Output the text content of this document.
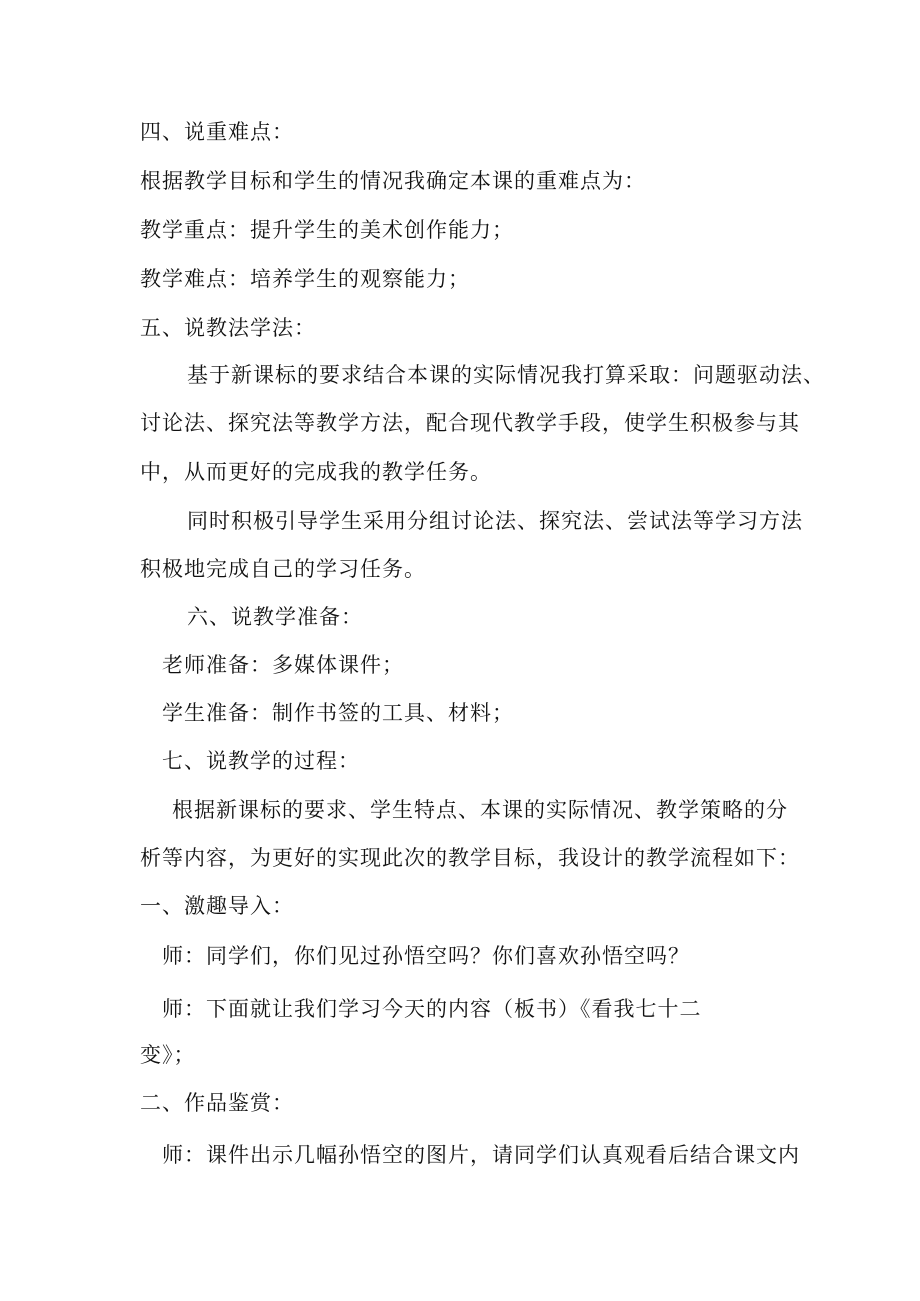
四、说重难点：
根据教学目标和学生的情况我确定本课的重难点为：
教学重点：提升学生的美术创作能力；
教学难点：培养学生的观察能力；
五、说教法学法：
基于新课标的要求结合本课的实际情况我打算采取：问题驱动法、
讨论法、探究法等教学方法，配合现代教学手段，使学生积极参与其
中，从而更好的完成我的教学任务。
同时积极引导学生采用分组讨论法、探究法、尝试法等学习方法
积极地完成自己的学习任务。
六、说教学准备：
老师准备：多媒体课件；
学生准备：制作书签的工具、材料；
七、说教学的过程：
根据新课标的要求、学生特点、本课的实际情况、教学策略的分
析等内容，为更好的实现此次的教学目标，我设计的教学流程如下：
一、激趣导入：
师：同学们，你们见过孙悟空吗？你们喜欢孙悟空吗？
师：下面就让我们学习今天的内容（板书）《看我七十二
变》；
二、作品鉴赏：
师：课件出示几幅孙悟空的图片，请同学们认真观看后结合课文内
